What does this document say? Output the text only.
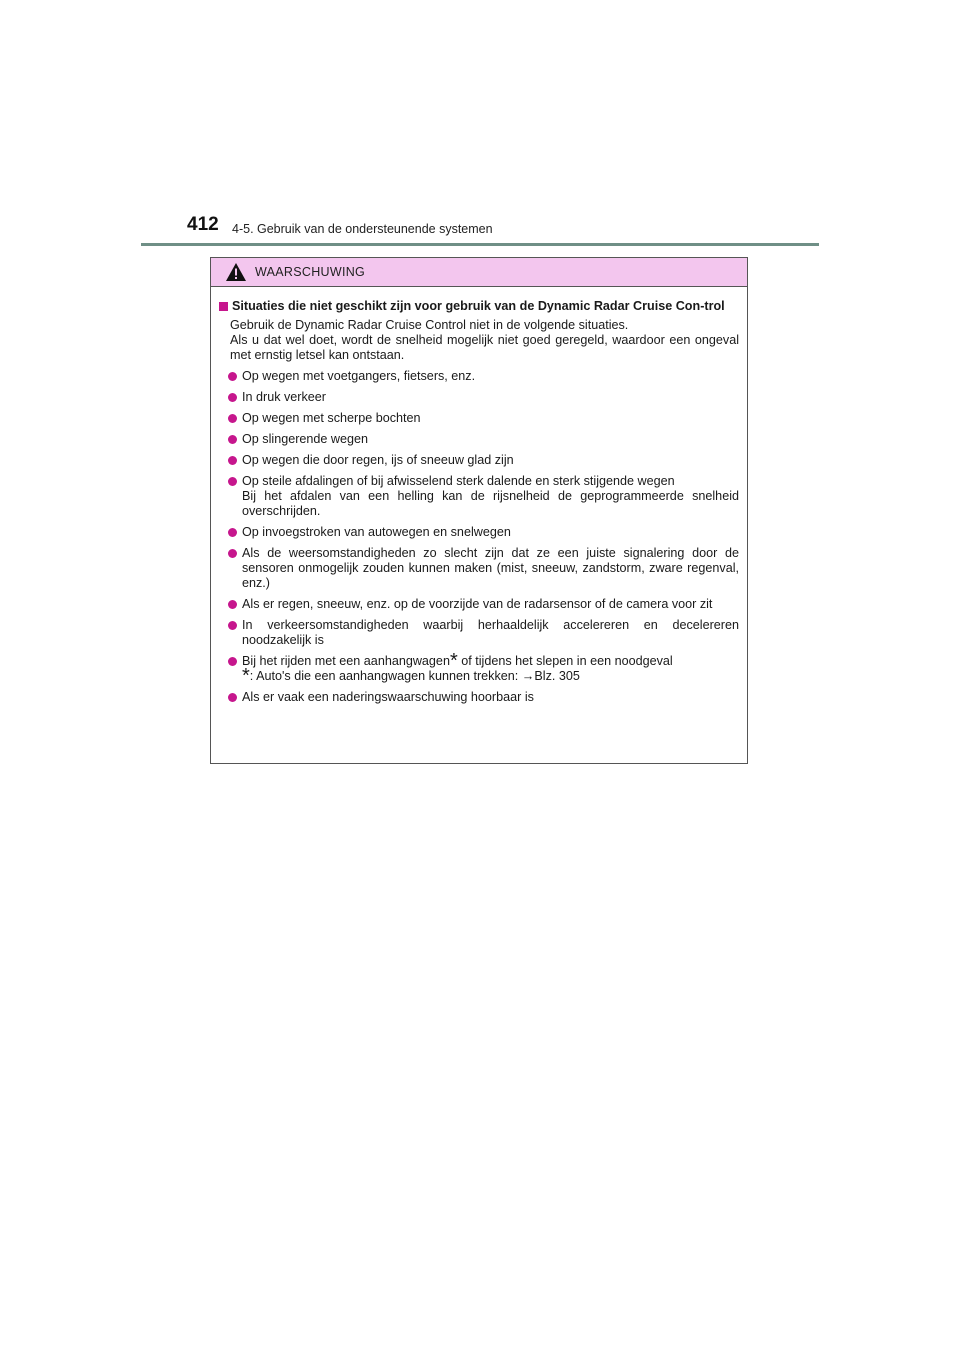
412 4-5. Gebruik van de ondersteunende systemen
WAARSCHUWING
Situaties die niet geschikt zijn voor gebruik van de Dynamic Radar Cruise Con-trol

Gebruik de Dynamic Radar Cruise Control niet in de volgende situaties.

Als u dat wel doet, wordt de snelheid mogelijk niet goed geregeld, waardoor een ongeval met ernstig letsel kan ontstaan.

Op wegen met voetgangers, fietsers, enz.
In druk verkeer
Op wegen met scherpe bochten
Op slingerende wegen
Op wegen die door regen, ijs of sneeuw glad zijn

Op steile afdalingen of bij afwisselend sterk dalende en sterk stijgende wegen

Bij het afdalen van een helling kan de rijsnelheid de geprogrammeerde snelheid overschrijden.

Op invoegstroken van autowegen en snelwegen
Als de weersomstandigheden zo slecht zijn dat ze een juiste signalering door de sensoren onmogelijk zouden kunnen maken (mist, sneeuw, zandstorm, zware regenval, enz.)
Als er regen, sneeuw, enz. op de voorzijde van de radarsensor of de camera voor zit
In verkeersomstandigheden waarbij herhaaldelijk accelereren en decelereren noodzakelijk is
Bij het rijden met een aanhangwagen* of tijdens het slepen in een noodgeval
*: Auto's die een aanhangwagen kunnen trekken: →Blz. 305
Als er vaak een naderingswaarschuwing hoorbaar is
